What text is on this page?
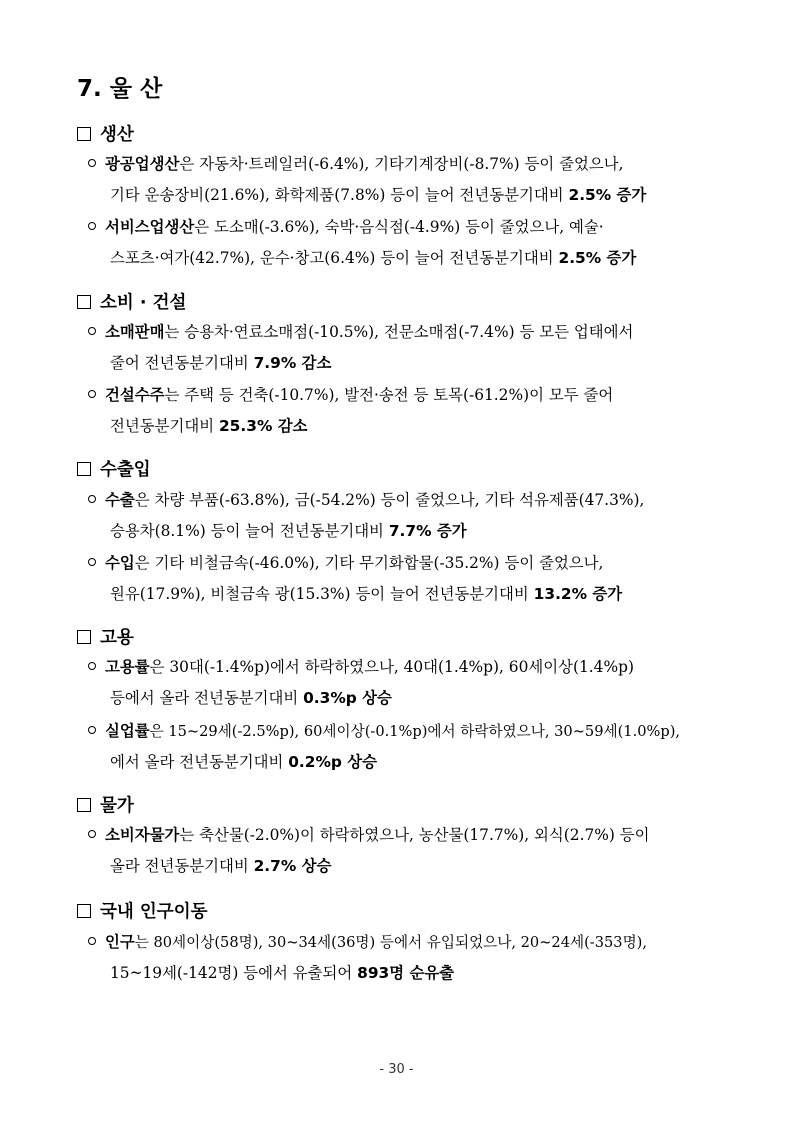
7. 울 산
생산
광공업생산은 자동차·트레일러(-6.4%), 기타기계장비(-8.7%) 등이 줄었으나,
기타 운송장비(21.6%), 화학제품(7.8%) 등이 늘어 전년동분기대비 2.5% 증가
서비스업생산은 도소매(-3.6%), 숙박·음식점(-4.9%) 등이 줄었으나, 예술·
스포츠·여가(42.7%), 운수·창고(6.4%) 등이 늘어 전년동분기대비 2.5% 증가
소비 · 건설
소매판매는 승용차·연료소매점(-10.5%), 전문소매점(-7.4%) 등 모든 업태에서
줄어 전년동분기대비 7.9% 감소
건설수주는 주택 등 건축(-10.7%), 발전·송전 등 토목(-61.2%)이 모두 줄어
전년동분기대비 25.3% 감소
수출입
수출은 차량 부품(-63.8%), 금(-54.2%) 등이 줄었으나, 기타 석유제품(47.3%),
승용차(8.1%) 등이 늘어 전년동분기대비 7.7% 증가
수입은 기타 비철금속(-46.0%), 기타 무기화합물(-35.2%) 등이 줄었으나,
원유(17.9%), 비철금속 광(15.3%) 등이 늘어 전년동분기대비 13.2% 증가
고용
고용률은 30대(-1.4%p)에서 하락하였으나, 40대(1.4%p), 60세이상(1.4%p)
등에서 올라 전년동분기대비 0.3%p 상승
실업률은 15~29세(-2.5%p), 60세이상(-0.1%p)에서 하락하였으나, 30~59세(1.0%p),
에서 올라 전년동분기대비 0.2%p 상승
물가
소비자물가는 축산물(-2.0%)이 하락하였으나, 농산물(17.7%), 외식(2.7%) 등이
올라 전년동분기대비 2.7% 상승
국내 인구이동
인구는 80세이상(58명), 30~34세(36명) 등에서 유입되었으나, 20~24세(-353명),
15~19세(-142명) 등에서 유출되어 893명 순유출
- 30 -
